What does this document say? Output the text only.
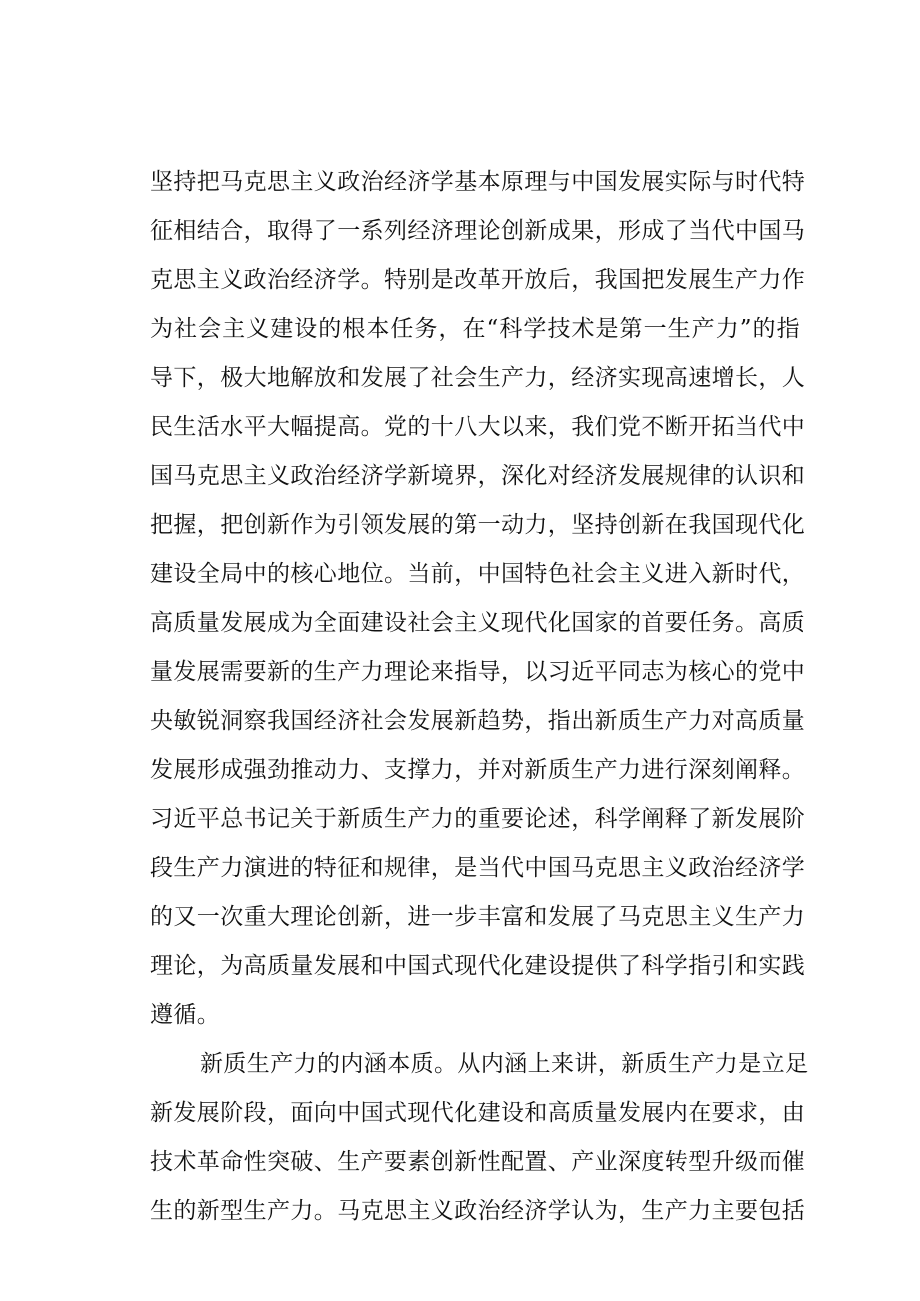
坚持把马克思主义政治经济学基本原理与中国发展实际与时代特
征相结合，取得了一系列经济理论创新成果，形成了当代中国马
克思主义政治经济学。特别是改革开放后，我国把发展生产力作
为社会主义建设的根本任务，在“科学技术是第一生产力”的指
导下，极大地解放和发展了社会生产力，经济实现高速增长，人
民生活水平大幅提高。党的十八大以来，我们党不断开拓当代中
国马克思主义政治经济学新境界，深化对经济发展规律的认识和
把握，把创新作为引领发展的第一动力，坚持创新在我国现代化
建设全局中的核心地位。当前，中国特色社会主义进入新时代，
高质量发展成为全面建设社会主义现代化国家的首要任务。高质
量发展需要新的生产力理论来指导，以习近平同志为核心的党中
央敏锐洞察我国经济社会发展新趋势，指出新质生产力对高质量
发展形成强劲推动力、支撑力，并对新质生产力进行深刻阐释。
习近平总书记关于新质生产力的重要论述，科学阐释了新发展阶
段生产力演进的特征和规律，是当代中国马克思主义政治经济学
的又一次重大理论创新，进一步丰富和发展了马克思主义生产力
理论，为高质量发展和中国式现代化建设提供了科学指引和实践
遵循。
新质生产力的内涵本质。从内涵上来讲，新质生产力是立足
新发展阶段，面向中国式现代化建设和高质量发展内在要求，由
技术革命性突破、生产要素创新性配置、产业深度转型升级而催
生的新型生产力。马克思主义政治经济学认为，生产力主要包括
